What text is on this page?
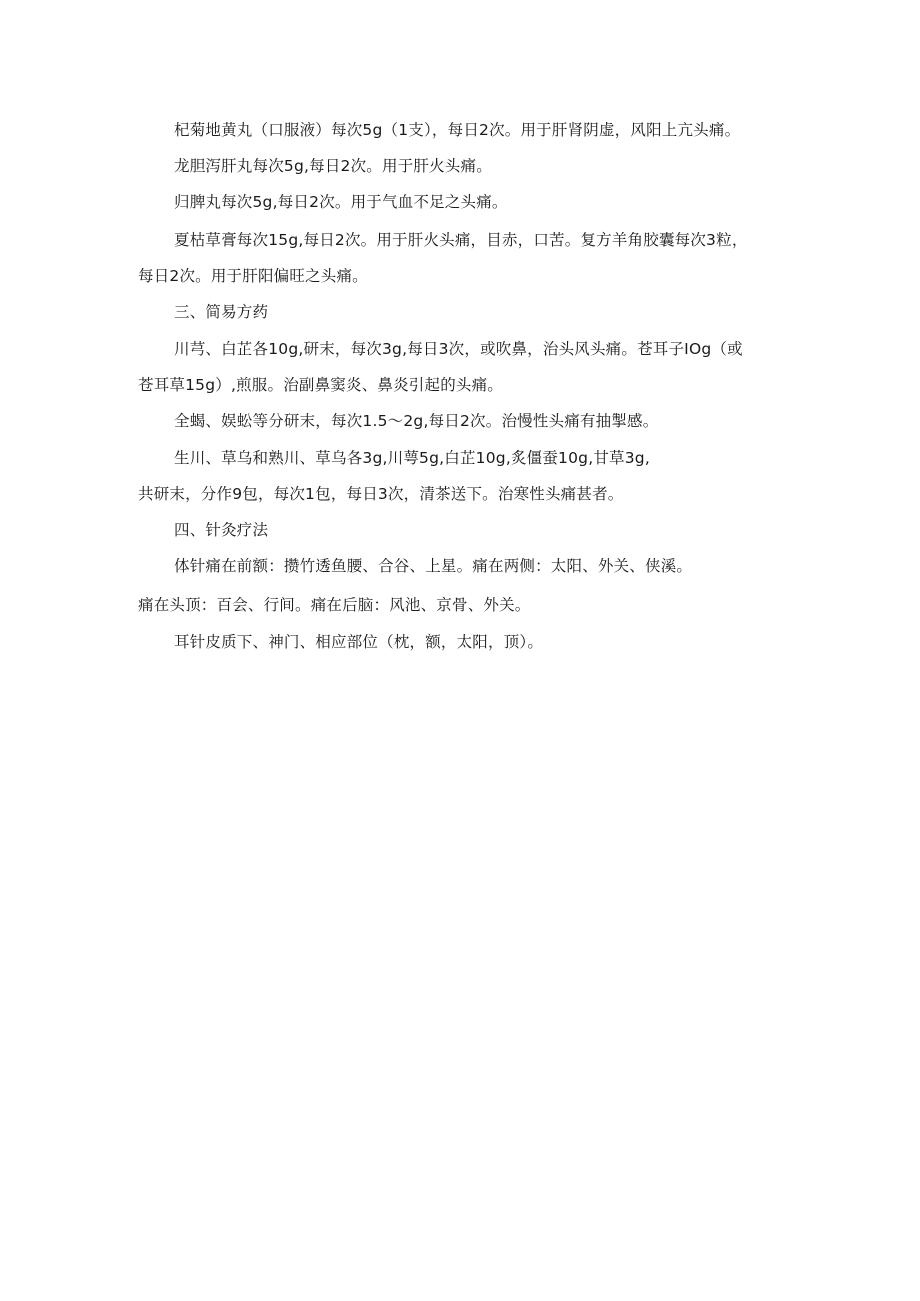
杞菊地黄丸（口服液）每次5g（1支），每日2次。用于肝肾阴虚，风阳上亢头痛。
龙胆泻肝丸每次5g,每日2次。用于肝火头痛。
归脾丸每次5g,每日2次。用于气血不足之头痛。
夏枯草膏每次15g,每日2次。用于肝火头痛，目赤，口苦。复方羊角胶囊每次3粒，
每日2次。用于肝阳偏旺之头痛。
三、简易方药
川芎、白芷各10g,研末，每次3g,每日3次，或吹鼻，治头风头痛。苍耳子IOg（或
苍耳草15g）,煎服。治副鼻窦炎、鼻炎引起的头痛。
全蝎、娱蚣等分研末，每次1.5〜2g,每日2次。治慢性头痛有抽掣感。
生川、草乌和熟川、草乌各3g,川萼5g,白芷10g,炙僵蚕10g,甘草3g,
共研末，分作9包，每次1包，每日3次，清茶送下。治寒性头痛甚者。
四、针灸疗法
体针痛在前额：攒竹透鱼腰、合谷、上星。痛在两侧：太阳、外关、侠溪。
痛在头顶：百会、行间。痛在后脑：风池、京骨、外关。
耳针皮质下、神门、相应部位（枕，额，太阳，顶）。
